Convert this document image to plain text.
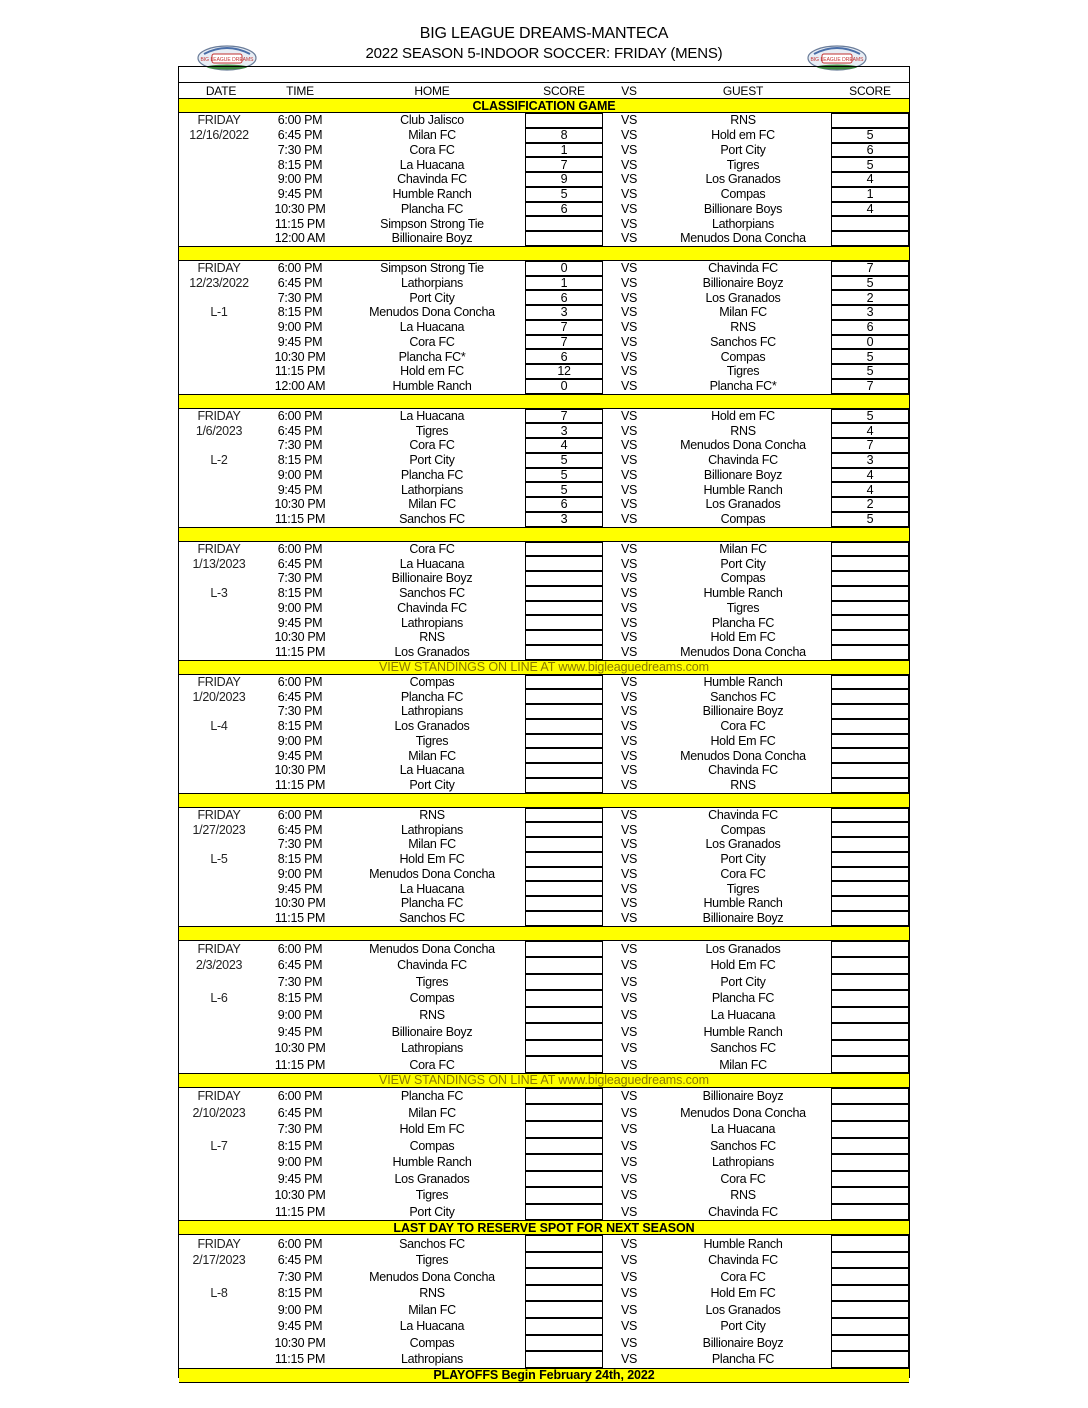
BIG LEAGUE DREAMS-MANTECA
2022 SEASON 5-INDOOR SOCCER: FRIDAY (MENS)
BIG LEAGUE DREAMS	BIG LEAGUE DREAMS
DATE	TIME	HOME	SCORE	VS	GUEST	SCORE
CLASSIFICATION GAME
FRIDAY	6:00 PM	Club Jalisco	VS	RNS
12/16/2022	6:45 PM	Milan FC	8	VS	Hold em FC	5
7:30 PM	Cora FC	1	VS	Port City	6
8:15 PM	La Huacana	7	VS	Tigres	5
9:00 PM	Chavinda FC	9	VS	Los Granados	4
9:45 PM	Humble Ranch	5	VS	Compas	1
10:30 PM	Plancha FC	6	VS	Billionare Boys	4
11:15 PM	Simpson Strong Tie	VS	Lathorpians
12:00 AM	Billionaire Boyz	VS	Menudos Dona Concha
FRIDAY	6:00 PM	Simpson Strong Tie	0	VS	Chavinda FC	7
12/23/2022	6:45 PM	Lathorpians	1	VS	Billionaire Boyz	5
7:30 PM	Port City	6	VS	Los Granados	2
L-1	8:15 PM	Menudos Dona Concha	3	VS	Milan FC	3
9:00 PM	La Huacana	7	VS	RNS	6
9:45 PM	Cora FC	7	VS	Sanchos FC	0
10:30 PM	Plancha FC*	6	VS	Compas	5
11:15 PM	Hold em FC	12	VS	Tigres	5
12:00 AM	Humble Ranch	0	VS	Plancha FC*	7
FRIDAY	6:00 PM	La Huacana	7	VS	Hold em FC	5
1/6/2023	6:45 PM	Tigres	3	VS	RNS	4
7:30 PM	Cora FC	4	VS	Menudos Dona Concha	7
L-2	8:15 PM	Port City	5	VS	Chavinda FC	3
9:00 PM	Plancha FC	5	VS	Billionare Boyz	4
9:45 PM	Lathorpians	5	VS	Humble Ranch	4
10:30 PM	Milan FC	6	VS	Los Granados	2
11:15 PM	Sanchos FC	3	VS	Compas	5
FRIDAY	6:00 PM	Cora FC	VS	Milan FC
1/13/2023	6:45 PM	La Huacana	VS	Port City
7:30 PM	Billionaire Boyz	VS	Compas
L-3	8:15 PM	Sanchos FC	VS	Humble Ranch
9:00 PM	Chavinda FC	VS	Tigres
9:45 PM	Lathropians	VS	Plancha FC
10:30 PM	RNS	VS	Hold Em FC
11:15 PM	Los Granados	VS	Menudos Dona Concha
VIEW STANDINGS ON LINE AT www.bigleaguedreams.com
FRIDAY	6:00 PM	Compas	VS	Humble Ranch
1/20/2023	6:45 PM	Plancha FC	VS	Sanchos FC
7:30 PM	Lathropians	VS	Billionaire Boyz
L-4	8:15 PM	Los Granados	VS	Cora FC
9:00 PM	Tigres	VS	Hold Em FC
9:45 PM	Milan FC	VS	Menudos Dona Concha
10:30 PM	La Huacana	VS	Chavinda FC
11:15 PM	Port City	VS	RNS
FRIDAY	6:00 PM	RNS	VS	Chavinda FC
1/27/2023	6:45 PM	Lathropians	VS	Compas
7:30 PM	Milan FC	VS	Los Granados
L-5	8:15 PM	Hold Em FC	VS	Port City
9:00 PM	Menudos Dona Concha	VS	Cora FC
9:45 PM	La Huacana	VS	Tigres
10:30 PM	Plancha FC	VS	Humble Ranch
11:15 PM	Sanchos FC	VS	Billionaire Boyz
FRIDAY	6:00 PM	Menudos Dona Concha	VS	Los Granados
2/3/2023	6:45 PM	Chavinda FC	VS	Hold Em FC
7:30 PM	Tigres	VS	Port City
L-6	8:15 PM	Compas	VS	Plancha FC
9:00 PM	RNS	VS	La Huacana
9:45 PM	Billionaire Boyz	VS	Humble Ranch
10:30 PM	Lathropians	VS	Sanchos FC
11:15 PM	Cora FC	VS	Milan FC
VIEW STANDINGS ON LINE AT www.bigleaguedreams.com
FRIDAY	6:00 PM	Plancha FC	VS	Billionaire Boyz
2/10/2023	6:45 PM	Milan FC	VS	Menudos Dona Concha
7:30 PM	Hold Em FC	VS	La Huacana
L-7	8:15 PM	Compas	VS	Sanchos FC
9:00 PM	Humble Ranch	VS	Lathropians
9:45 PM	Los Granados	VS	Cora FC
10:30 PM	Tigres	VS	RNS
11:15 PM	Port City	VS	Chavinda FC
LAST DAY TO RESERVE SPOT FOR NEXT SEASON
FRIDAY	6:00 PM	Sanchos FC	VS	Humble Ranch
2/17/2023	6:45 PM	Tigres	VS	Chavinda FC
7:30 PM	Menudos Dona Concha	VS	Cora FC
L-8	8:15 PM	RNS	VS	Hold Em FC
9:00 PM	Milan FC	VS	Los Granados
9:45 PM	La Huacana	VS	Port City
10:30 PM	Compas	VS	Billionaire Boyz
11:15 PM	Lathropians	VS	Plancha FC
PLAYOFFS Begin February 24th, 2022
